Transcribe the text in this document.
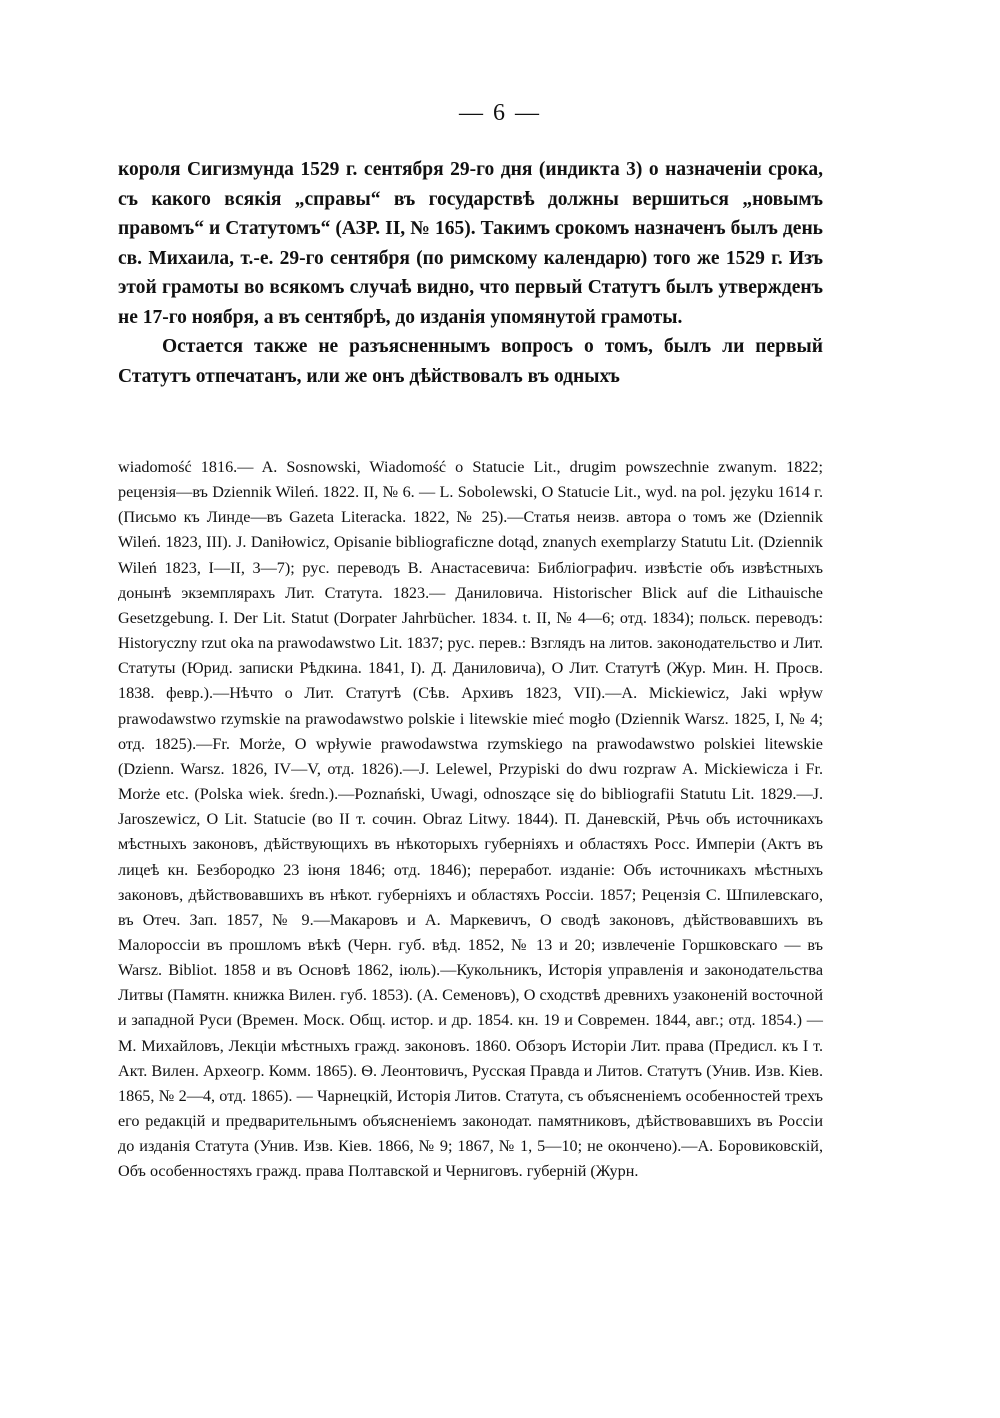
— 6 —

короля Сигизмунда 1529 г. сентября 29-го дня (индикта 3) о назначеніи срока, съ какого всякія „справы“ въ государствѣ должны вершиться „новымъ правомъ“ и Статутомъ“ (АЗР. II, № 165). Такимъ срокомъ назначенъ былъ день св. Михаила, т.-е. 29-го сентября (по римскому календарю) того же 1529 г. Изъ этой грамоты во всякомъ случаѣ видно, что первый Статутъ былъ утвержденъ не 17-го ноября, а въ сентябрѣ, до изданія упомянутой грамоты.

Остается также не разъясненнымъ вопросъ о томъ, былъ ли первый Статутъ отпечатанъ, или же онъ дѣйствовалъ въ одныхъ

wiadomość 1816.— A. Sosnowski, Wiadomość o Statucie Lit., drugim powszechnie zwanym. 1822; рецензія—въ Dziennik Wileń. 1822. II, № 6. — L. Sobolewski, O Statucie Lit., wyd. na pol. języku 1614 г. (Письмо къ Линде—въ Gazeta Literacka. 1822, № 25).—Статья неизв. автора о томъ же (Dziennik Wileń. 1823, III). J. Daniłowicz, Opisanie bibliograficzne dotąd, znanych exemplarzy Statutu Lit. (Dziennik Wileń 1823, I—II, 3—7); рус. переводъ В. Анастасевича: Библіографич. извѣстіе объ извѣстныхъ донынѣ экземплярахъ Лит. Статута. 1823.— Даниловича. Historischer Blick auf die Lithauische Gesetzgebung. I. Der Lit. Statut (Dorpater Jahrbücher. 1834. t. II, № 4—6; отд. 1834); польск. переводъ: Historyczny rzut oka na prawodawstwo Lit. 1837; рус. перев.: Взглядъ на литов. законодательство и Лит. Статуты (Юрид. записки Рѣдкина. 1841, I). Д. Даниловича), О Лит. Статутѣ (Жур. Мин. Н. Просв. 1838. февр.).—Нѣчто о Лит. Статутѣ (Сѣв. Архивъ 1823, VII).—A. Mickiewicz, Jaki wpływ prawodawstwo rzymskie na prawodawstwo polskie i litewskie mieć mogło (Dziennik Warsz. 1825, I, № 4; отд. 1825).—Fr. Morże, O wpływie prawodawstwa rzymskiego na prawodawstwo polskiei litewskie (Dzienn. Warsz. 1826, IV—V, отд. 1826).—J. Lelewel, Przypiski do dwu rozpraw A. Mickiewicza i Fr. Morże etc. (Polska wiek. średn.).—Poznański, Uwagi, odnoszące się do bibliografii Statutu Lit. 1829.—J. Jaroszewicz, O Lit. Statucie (во II т. сочин. Obraz Litwy. 1844). П. Даневскій, Рѣчь объ источникахъ мѣстныхъ законовъ, дѣйствующихъ въ нѣкоторыхъ губерніяхъ и областяхъ Росс. Имперіи (Актъ въ лицеѣ кн. Безбородко 23 іюня 1846; отд. 1846); переработ. изданіе: Объ источникахъ мѣстныхъ законовъ, дѣйствовавшихъ въ нѣкот. губерніяхъ и областяхъ Россіи. 1857; Рецензія С. Шпилевскаго, въ Отеч. Зап. 1857, № 9.—Макаровъ и А. Маркевичъ, О сводѣ законовъ, дѣйствовавшихъ въ Малороссіи въ прошломъ вѣкѣ (Черн. губ. вѣд. 1852, № 13 и 20; извлеченіе Горшковскаго — въ Warsz. Bibliot. 1858 и въ Основѣ 1862, іюль).—Кукольникъ, Исторія управленія и законодательства Литвы (Памятн. книжка Вилен. губ. 1853). (А. Семеновъ), О сходствѣ древнихъ узаконеній восточной и западной Руси (Времен. Моск. Общ. истор. и др. 1854. кн. 19 и Современ. 1844, авг.; отд. 1854.) — М. Михайловъ, Лекціи мѣстныхъ гражд. законовъ. 1860. Обзоръ Исторіи Лит. права (Предисл. къ I т. Акт. Вилен. Археогр. Комм. 1865). Ѳ. Леонтовичъ, Русская Правда и Литов. Статутъ (Унив. Изв. Кіев. 1865, № 2—4, отд. 1865). — Чарнецкій, Исторія Литов. Статута, съ объясненіемъ особенностей трехъ его редакцій и предварительнымъ объясненіемъ законодат. памятниковъ, дѣйствовавшихъ въ Россіи до изданія Статута (Унив. Изв. Кіев. 1866, № 9; 1867, № 1, 5—10; не окончено).—А. Боровиковскій, Объ особенностяхъ гражд. права Полтавской и Черниговъ. губерній (Журн.
